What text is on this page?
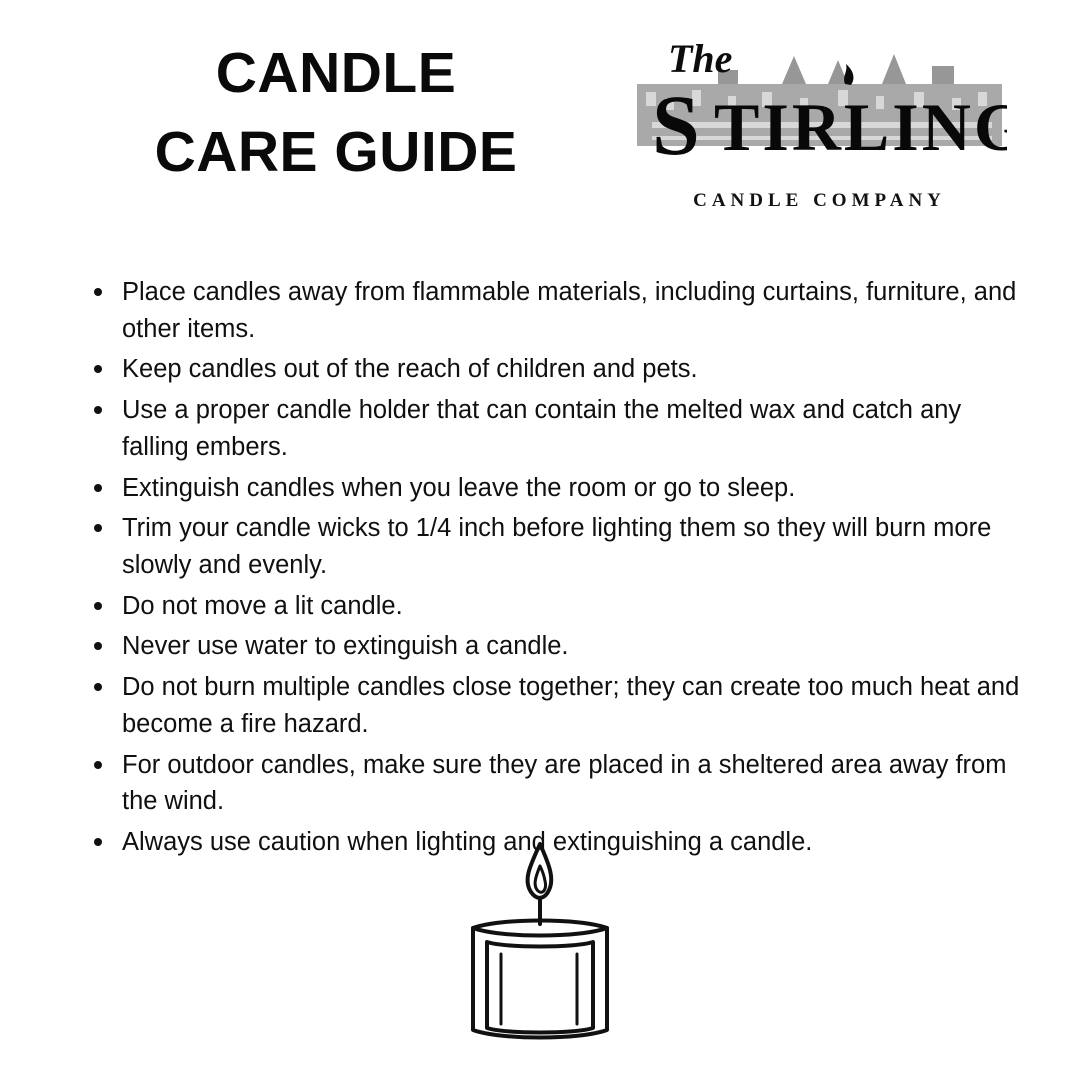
CANDLE
CARE GUIDE
The
S TIRLING
CANDLE COMPANY
Place candles away from flammable materials, including curtains, furniture, and other items.
Keep candles out of the reach of children and pets.
Use a proper candle holder that can contain the melted wax and catch any falling embers.
Extinguish candles when you leave the room or go to sleep.
Trim your candle wicks to 1/4 inch before lighting them so they will burn more slowly and evenly.
Do not move a lit candle.
Never use water to extinguish a candle.
Do not burn multiple candles close together; they can create too much heat and become a fire hazard.
For outdoor candles, make sure they are placed in a sheltered area away from the wind.
Always use caution when lighting and extinguishing a candle.
